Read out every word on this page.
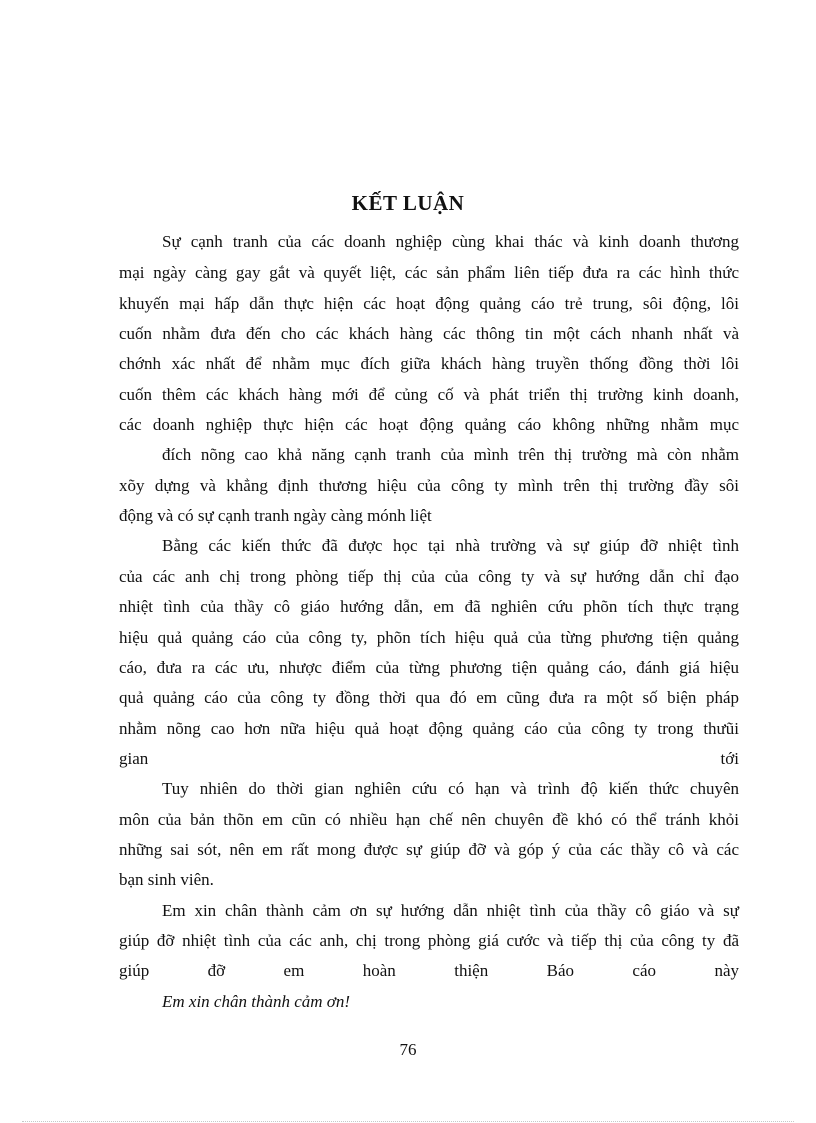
KẾT LUẬN
Sự cạnh tranh của các doanh nghiệp cùng khai thác và kinh doanh thương
mại ngày càng gay gắt và quyết liệt, các sản phẩm liên tiếp đưa ra các hình thức
khuyến mại hấp dẫn thực hiện các hoạt động quảng cáo trẻ trung, sôi động, lôi
cuốn nhằm đưa đến cho các khách hàng các thông tin một cách nhanh nhất và
chớnh xác nhất để nhằm mục đích giữa khách hàng truyền thống đồng thời lôi
cuốn thêm các khách hàng mới để củng cố và phát triển thị trường kinh doanh,
các doanh nghiệp thực hiện các hoạt động quảng cáo không những nhằm mục
đích nõng cao khả năng cạnh tranh của mình trên thị trường mà còn nhằm
xõy dựng và khẳng định thương hiệu của công ty mình trên thị trường đầy sôi
động và có sự cạnh tranh ngày càng mónh liệt
Bằng các kiến thức đã được học tại nhà trường và sự giúp đỡ nhiệt tình
của các anh chị trong phòng tiếp thị của của công ty và sự hướng dẫn chỉ đạo
nhiệt tình của thầy cô giáo hướng dẫn, em đã nghiên cứu phõn tích thực trạng
hiệu quả quảng cáo của công ty, phõn tích hiệu quả của từng phương tiện quảng
cáo, đưa ra các ưu, nhược điểm của từng phương tiện quảng cáo, đánh giá hiệu
quả quảng cáo của công ty đồng thời qua đó em cũng đưa ra một số biện pháp
nhằm nõng cao hơn nữa hiệu quả hoạt động quảng cáo của công ty trong thưũi
gian tới
Tuy nhiên do thời gian nghiên cứu có hạn và trình độ kiến thức chuyên
môn của bản thõn em cũn có nhiều hạn chế nên chuyên đề khó có thể tránh khỏi
những sai sót, nên em rất mong được sự giúp đỡ và góp ý của các thầy cô và các
bạn sinh viên.
Em xin chân thành cảm ơn sự hướng dẫn nhiệt tình của thầy cô giáo và sự
giúp đỡ nhiệt tình của các anh, chị trong phòng giá cước và tiếp thị của công ty đã
giúp đỡ em hoàn thiện Báo cáo này
Em xin chân thành cảm ơn!
76
